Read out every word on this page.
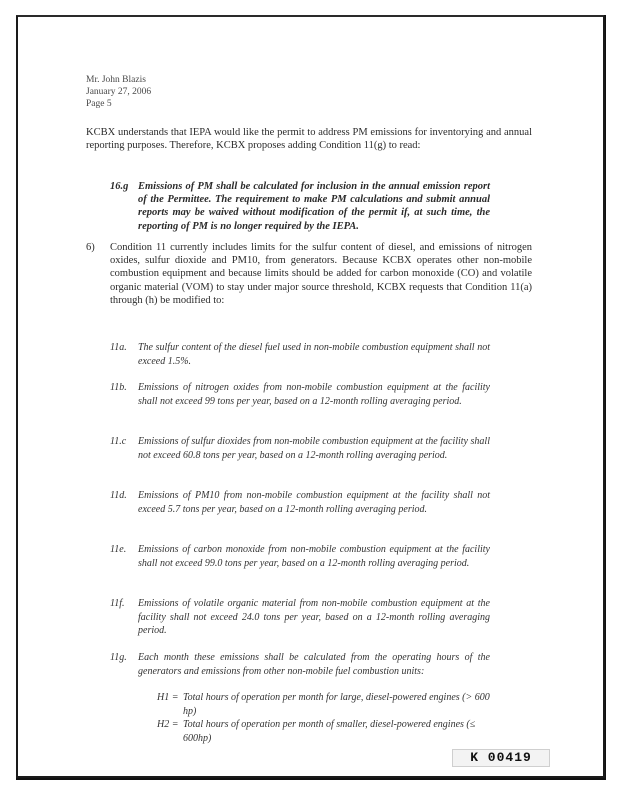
Mr. John Blazis
January 27, 2006
Page 5
KCBX understands that IEPA would like the permit to address PM emissions for inventorying and annual reporting purposes. Therefore, KCBX proposes adding Condition 11(g) to read:
16.g Emissions of PM shall be calculated for inclusion in the annual emission report of the Permittee. The requirement to make PM calculations and submit annual reports may be waived without modification of the permit if, at such time, the reporting of PM is no longer required by the IEPA.
6)	Condition 11 currently includes limits for the sulfur content of diesel, and emissions of nitrogen oxides, sulfur dioxide and PM10, from generators. Because KCBX operates other non-mobile combustion equipment and because limits should be added for carbon monoxide (CO) and volatile organic material (VOM) to stay under major source threshold, KCBX requests that Condition 11(a) through (h) be modified to:
11a. The sulfur content of the diesel fuel used in non-mobile combustion equipment shall not exceed 1.5%.
11b. Emissions of nitrogen oxides from non-mobile combustion equipment at the facility shall not exceed 99 tons per year, based on a 12-month rolling averaging period.
11.c Emissions of sulfur dioxides from non-mobile combustion equipment at the facility shall not exceed 60.8 tons per year, based on a 12-month rolling averaging period.
11d. Emissions of PM10 from non-mobile combustion equipment at the facility shall not exceed 5.7 tons per year, based on a 12-month rolling averaging period.
11e. Emissions of carbon monoxide from non-mobile combustion equipment at the facility shall not exceed 99.0 tons per year, based on a 12-month rolling averaging period.
11f. Emissions of volatile organic material from non-mobile combustion equipment at the facility shall not exceed 24.0 tons per year, based on a 12-month rolling averaging period.
11g. Each month these emissions shall be calculated from the operating hours of the generators and emissions from other non-mobile fuel combustion units:
H1 = Total hours of operation per month for large, diesel-powered engines (> 600 hp)
H2 = Total hours of operation per month of smaller, diesel-powered engines (≤ 600hp)
K 00419
